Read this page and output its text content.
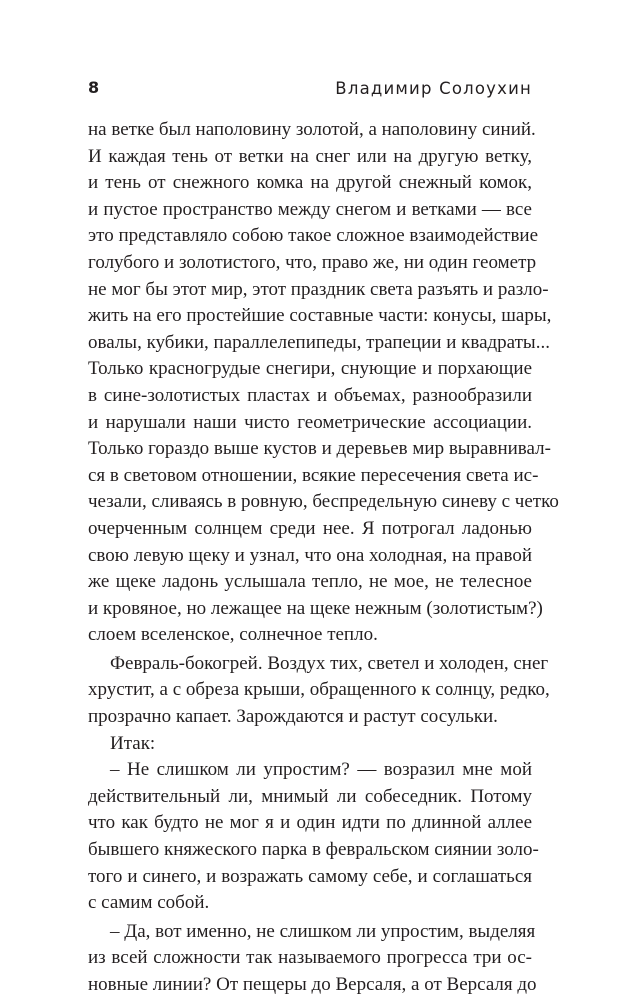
8	Владимир Солоухин
на ветке был наполовину золотой, а наполовину синий.
И каждая тень от ветки на снег или на другую ветку,
и тень от снежного комка на другой снежный комок,
и пустое пространство между снегом и ветками — все
это представляло собою такое сложное взаимодействие
голубого и золотистого, что, право же, ни один геометр
не мог бы этот мир, этот праздник света разъять и разло-
жить на его простейшие составные части: конусы, шары,
овалы, кубики, параллелепипеды, трапеции и квадраты...
Только красногрудые снегири, снующие и порхающие
в сине-золотистых пластах и объемах, разнообразили
и нарушали наши чисто геометрические ассоциации.
Только гораздо выше кустов и деревьев мир выравнивал-
ся в световом отношении, всякие пересечения света ис-
чезали, сливаясь в ровную, беспредельную синеву с четко
очерченным солнцем среди нее. Я потрогал ладонью
свою левую щеку и узнал, что она холодная, на правой
же щеке ладонь услышала тепло, не мое, не телесное
и кровяное, но лежащее на щеке нежным (золотистым?)
слоем вселенское, солнечное тепло.
Февраль-бокогрей. Воздух тих, светел и холоден, снег
хрустит, а с обреза крыши, обращенного к солнцу, редко,
прозрачно капает. Зарождаются и растут сосульки.
Итак:
– Не слишком ли упростим? — возразил мне мой
действительный ли, мнимый ли собеседник. Потому
что как будто не мог я и один идти по длинной аллее
бывшего княжеского парка в февральском сиянии золо-
того и синего, и возражать самому себе, и соглашаться
с самим собой.
– Да, вот именно, не слишком ли упростим, выделяя
из всей сложности так называемого прогресса три ос-
новные линии? От пещеры до Версаля, а от Версаля до
